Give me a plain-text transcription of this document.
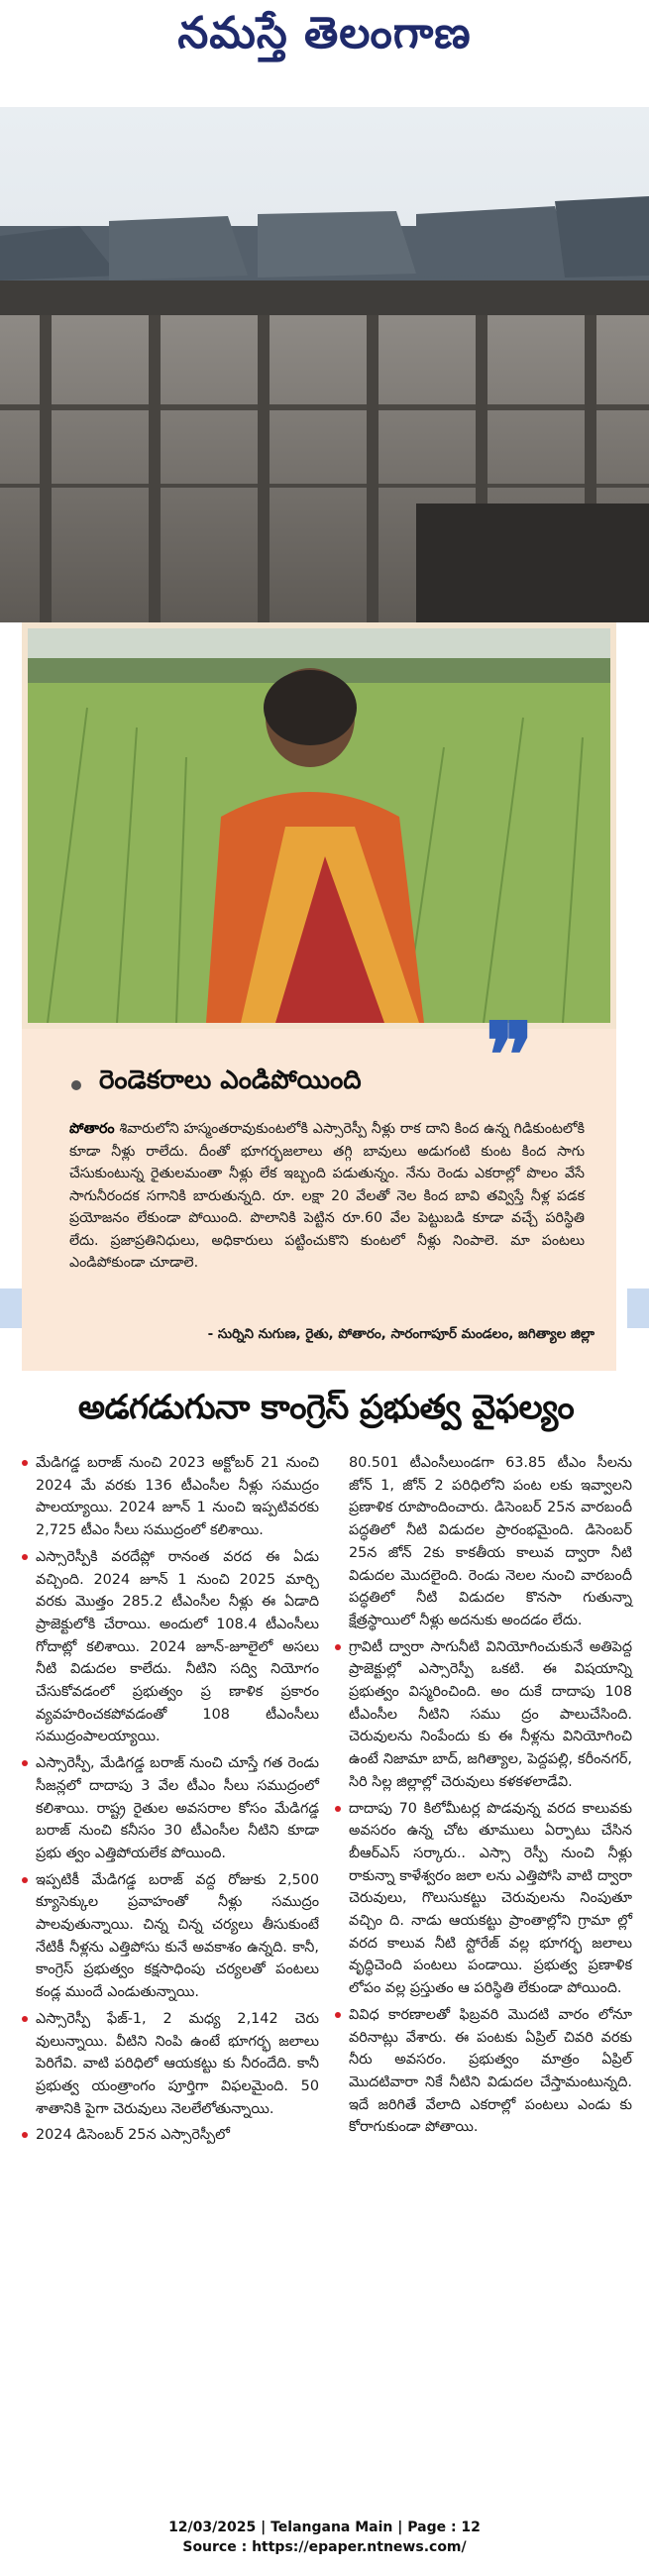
నమస్తే తెలంగాణ
❞
రెండెకరాలు ఎండిపోయింది
పోతారం శివారులోని హస్మంతరావుకుంటలోకి ఎస్సారెస్పీ నీళ్లు రాక దాని కింద ఉన్న గిడికుంటలోకి కూడా నీళ్లు రాలేదు. దీంతో భూగర్భజలాలు తగ్గి బావులు అడుగంటి కుంట కింద సాగు చేసుకుంటున్న రైతులమంతా నీళ్లు లేక ఇబ్బంది పడుతున్నం. నేను రెండు ఎకరాల్లో పొలం వేసే సాగునీరందక సగానికి బారుతున్నది. రూ. లక్షా 20 వేలతో నెల కింద బావి తవ్విస్తే నీళ్ల పడక ప్రయోజనం లేకుండా పోయింది. పొలానికి పెట్టిన రూ.60 వేల పెట్టుబడి కూడా వచ్చే పరిస్థితి లేదు. ప్రజాప్రతినిధులు, అధికారులు పట్టించుకొని కుంటలో నీళ్లు నింపాలె. మా పంటలు ఎండిపోకుండా చూడాలె.
- సుర్నిని నుగుణ, రైతు, పోతారం, సారంగాపూర్ మండలం, జగిత్యాల జిల్లా
అడగడుగునా కాంగ్రెస్ ప్రభుత్వ వైఫల్యం
మేడిగడ్డ బరాజ్ నుంచి 2023 అక్టోబర్ 21 నుంచి 2024 మే వరకు 136 టీఎంసీల నీళ్లు సముద్రం పాలయ్యాయి. 2024 జూన్ 1 నుంచి ఇప్పటివరకు 2,725 టీఎం సీలు సముద్రంలో కలిశాయి.
ఎస్సారెస్పీకి వరదేప్లో రానంత వరద ఈ ఏడు వచ్చింది. 2024 జూన్ 1 నుంచి 2025 మార్చి వరకు మొత్తం 285.2 టీఎంసీల నీళ్లు ఈ ఏడాది ప్రాజెక్టులోకి చేరాయి. అందులో 108.4 టీఎంసీలు గోదాట్లో కలిశాయి. 2024 జూన్-జూలైలో అసలు నీటి విడుదల కాలేదు. నీటిని సద్వి నియోగం చేసుకోవడంలో ప్రభుత్వం ప్ర ణాళిక ప్రకారం వ్యవహరించకపోవడంతో 108 టీఎంసీలు సముద్రంపాలయ్యాయి.
ఎస్సారెస్పీ, మేడిగడ్డ బరాజ్ నుంచి చూస్తే గత రెండు సీజన్లలో దాదాపు 3 వేల టీఎం సీలు సముద్రంలో కలిశాయి. రాష్ట్ర రైతుల అవసరాల కోసం మేడిగడ్డ బరాజ్ నుంచి కనీసం 30 టీఎంసీల నీటిని కూడా ప్రభు త్వం ఎత్తిపోయలేక పోయింది.
ఇప్పటికీ మేడిగడ్డ బరాజ్ వద్ద రోజుకు 2,500 క్యూసెక్కుల ప్రవాహంతో నీళ్లు సముద్రం పాలవుతున్నాయి. చిన్న చిన్న చర్యలు తీసుకుంటే నేటికీ నీళ్లను ఎత్తిపోసు కునే అవకాశం ఉన్నది. కానీ, కాంగ్రెస్ ప్రభుత్వం కక్షసాధింపు చర్యలతో పంటలు కండ్ల ముందే ఎండుతున్నాయి.
ఎస్సారెస్పీ ఫేజ్-1, 2 మధ్య 2,142 చెరు వులున్నాయి. వీటిని నింపి ఉంటే భూగర్భ జలాలు పెరిగేవి. వాటి పరిధిలో ఆయకట్టు కు నీరందేది. కానీ ప్రభుత్వ యంత్రాంగం పూర్తిగా విఫలమైంది. 50 శాతానికి పైగా చెరువులు నెలలేలోతున్నాయి.
2024 డిసెంబర్ 25న ఎస్సారెస్పీలో
80.501 టీఎంసీలుండగా 63.85 టీఎం సీలను జోన్ 1, జోన్ 2 పరిధిలోని పంట లకు ఇవ్వాలని ప్రణాళిక రూపొందించారు. డిసెంబర్ 25న వారబందీ పద్ధతిలో నీటి విడుదల ప్రారంభమైంది. డిసెంబర్ 25న జోన్ 2కు కాకతీయ కాలువ ద్వారా నీటి విడుదల మొదలైంది. రెండు నెలల నుంచి వారబందీ పద్ధతిలో నీటి విడుదల కొనసా గుతున్నా క్షేత్రస్థాయిలో నీళ్లు అదనుకు అందడం లేదు.
గ్రావిటీ ద్వారా సాగునీటి వినియోగించుకునే అతిపెద్ద ప్రాజెక్టుల్లో ఎస్సారెస్పీ ఒకటి. ఈ విషయాన్ని ప్రభుత్వం విస్మరించింది. అం దుకే దాదాపు 108 టీఎంసీల నీటిని సము ద్రం పాలుచేసింది. చెరువులను నింపేందు కు ఈ నీళ్లను వినియోగించి ఉంటే నిజామా బాద్, జగిత్యాల, పెద్దపల్లి, కరీంనగర్, సిరి సిల్ల జిల్లాల్లో చెరువులు కళకళలాడేవి.
దాదాపు 70 కిలోమీటర్ల పొడవున్న వరద కాలువకు అవసరం ఉన్న చోట తూములు ఏర్పాటు చేసిన బీఆర్ఎస్ సర్కారు.. ఎస్సా రెస్పీ నుంచి నీళ్లు రాకున్నా కాళేశ్వరం జలా లను ఎత్తిపోసి వాటి ద్వారా చెరువులు, గొలుసుకట్టు చెరువులను నింపుతూ వచ్చిం ది. నాడు ఆయకట్టు ప్రాంతాల్లోని గ్రామా ల్లో వరద కాలువ నీటి స్టోరేజ్ వల్ల భూగర్భ జలాలు వృద్ధిచెంది పంటలు పండాయి. ప్రభుత్వ ప్రణాళిక లోపం వల్ల ప్రస్తుతం ఆ పరిస్థితి లేకుండా పోయింది.
వివిధ కారణాలతో ఫిబ్రవరి మొదటి వారం లోనూ వరినాట్లు వేశారు. ఈ పంటకు ఏప్రిల్ చివరి వరకు నీరు అవసరం. ప్రభుత్వం మాత్రం ఏప్రిల్ మొదటివారా నికే నీటిని విడుదల చేస్తామంటున్నది. ఇదే జరిగితే వేలాది ఎకరాల్లో పంటలు ఎండు కు కోరాగుకుండా పోతాయి.
12/03/2025 | Telangana Main | Page : 12
Source : https://epaper.ntnews.com/
